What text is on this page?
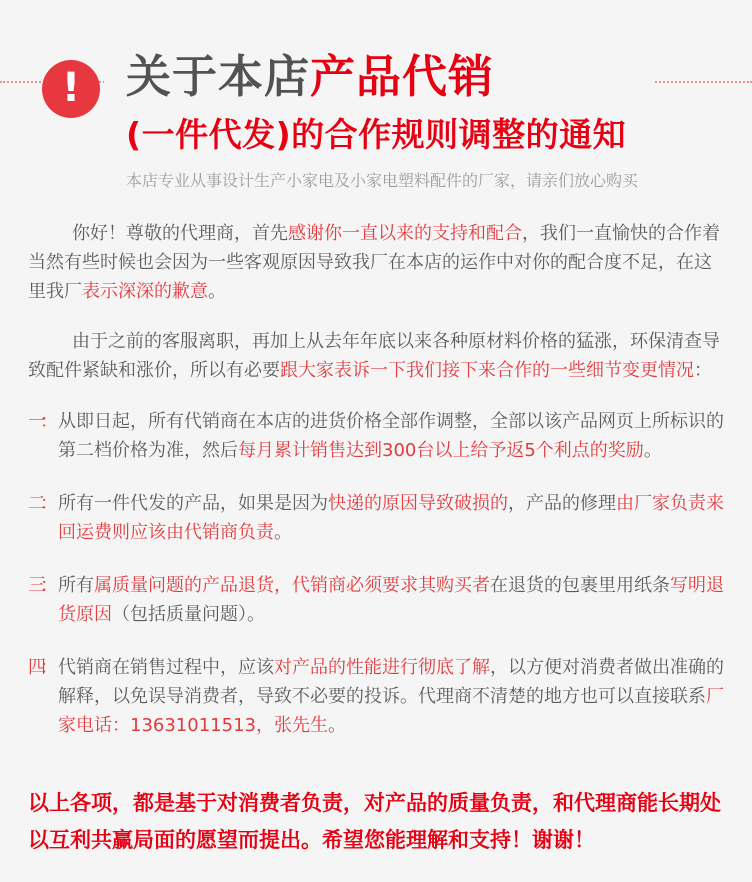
!	关于本店产品代销
(一件代发)的合作规则调整的通知

本店专业从事设计生产小家电及小家电塑料配件的厂家，请亲们放心购买

你好！尊敬的代理商，首先感谢你一直以来的支持和配合，我们一直愉快的合作着当然有些时候也会因为一些客观原因导致我厂在本店的运作中对你的配合度不足，在这里我厂表示深深的歉意。

由于之前的客服离职，再加上从去年年底以来各种原材料价格的猛涨，环保清查导致配件紧缺和涨价，所以有必要跟大家表诉一下我们接下来合作的一些细节变更情况：

一： 从即日起，所有代销商在本店的进货价格全部作调整，全部以该产品网页上所标识的第二档价格为准，然后每月累计销售达到300台以上给予返5个利点的奖励。
二： 所有一件代发的产品，如果是因为快递的原因导致破损的，产品的修理由厂家负责来回运费则应该由代销商负责。
三： 所有属质量问题的产品退货，代销商必须要求其购买者在退货的包裹里用纸条写明退货原因（包括质量问题）。
四： 代销商在销售过程中，应该对产品的性能进行彻底了解，以方便对消费者做出准确的解释，以免误导消费者，导致不必要的投诉。代理商不清楚的地方也可以直接联系厂家电话：13631011513，张先生。

以上各项，都是基于对消费者负责，对产品的质量负责，和代理商能长期处以互利共赢局面的愿望而提出。希望您能理解和支持！谢谢！
